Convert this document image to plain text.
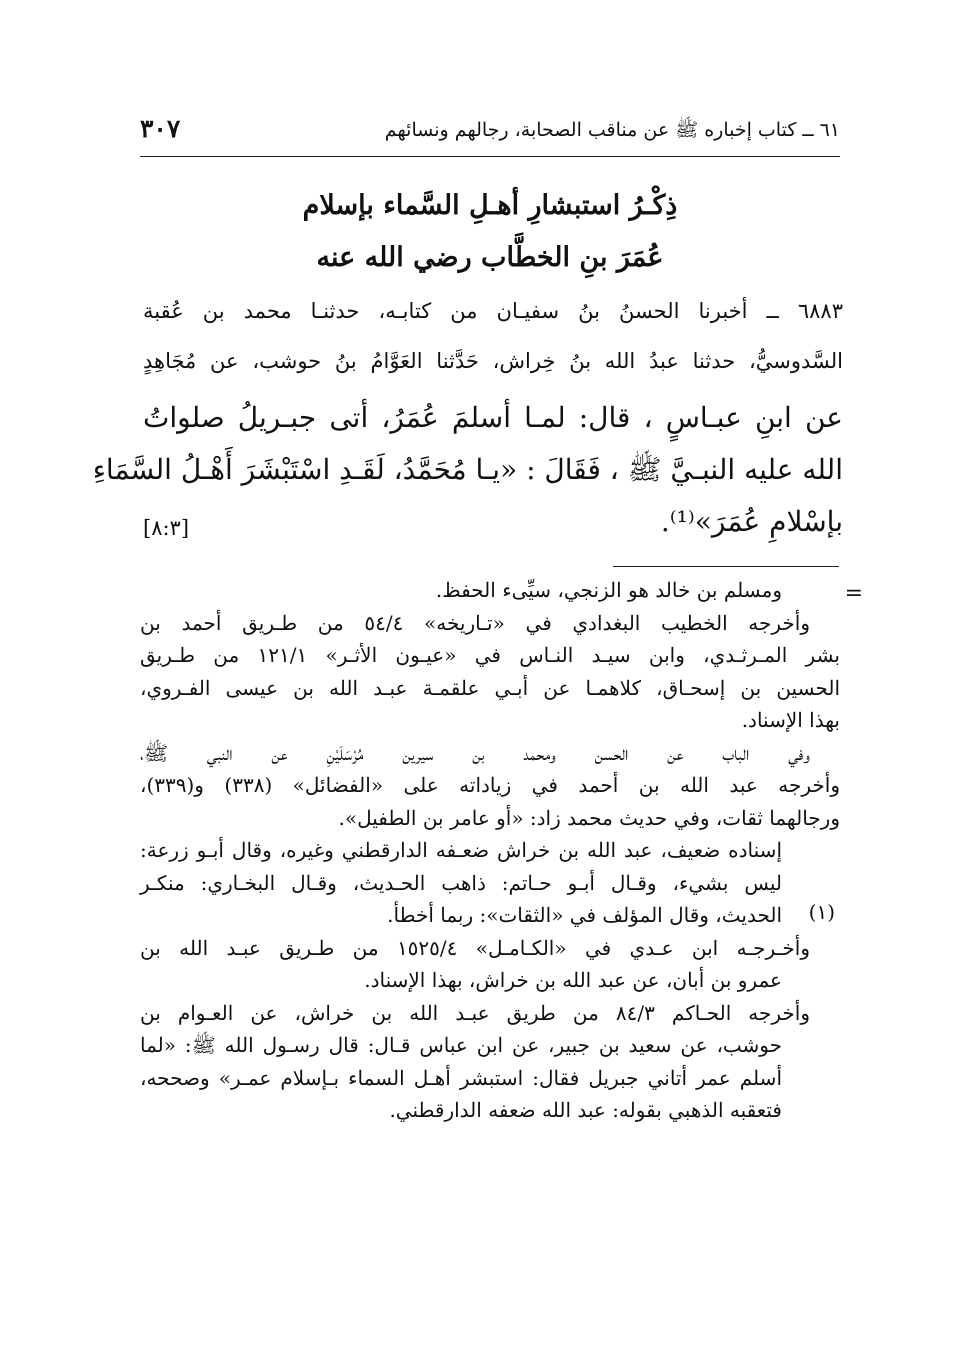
٦١ ــ كتاب إخباره ﷺ عن مناقب الصحابة، رجالهم ونسائهم
٣٠٧
ذِكْـرُ استبشارِ أهـلِ السَّماء بإسلام
عُمَرَ بنِ الخطَّاب رضي الله عنه
٦٨٨٣ ــ أخبرنا الحسنُ بنُ سفيـان من كتابـه، حدثنـا محمد بن عُقبة
السَّدوسيُّ، حدثنا عبدُ الله بنُ خِراش، حَدَّثنا العَوَّامُ بنُ حوشب، عن مُجَاهِدٍ
عن ابنِ عبـاسٍ ، قال: لمـا أسلمَ عُمَرُ، أتى جبـريلُ صلواتُ
الله عليه النبـيَّ ﷺ ، فَقَالَ : «يـا مُحَمَّدُ، لَقَـدِ اسْتَبْشَرَ أَهْـلُ السَّمَاءِ
بإسْلامِ عُمَرَ»⁽¹⁾.
[٨:٣]
=
(١)
ومسلم بن خالد هو الزنجي، سيِّىء الحفظ.
وأخرجه الخطيب البغدادي في «تـاريخه» ٥٤/٤ من طـريق أحمد بن
بشر المـرثـدي، وابن سيـد النـاس في «عيـون الأثـر» ١٢١/١ من طـريق
الحسين بن إسحـاق، كلاهمـا عن أبـي علقمـة عبـد الله بن عيسى الفـروي،
بهذا الإسناد.
وفي الباب عن الحسن ومحمد بن سيرين مُرْسَلَيْنِ عن النبي ﷺ،
وأخرجه عبد الله بن أحمد في زياداته على «الفضائل» (٣٣٨) و(٣٣٩)،
ورجالهما ثقات، وفي حديث محمد زاد: «أو عامر بن الطفيل».
إسناده ضعيف، عبد الله بن خراش ضعـفه الدارقطني وغيره، وقال أبـو زرعة:
ليس بشيء، وقـال أبـو حـاتم: ذاهب الحـديث، وقـال البخـاري: منكـر
الحديث، وقال المؤلف في «الثقات»: ربما أخطأ.
وأخـرجـه ابن عـدي في «الكـامـل» ١٥٢٥/٤ من طـريق عبـد الله بن
عمرو بن أبان، عن عبد الله بن خراش، بهذا الإسناد.
وأخرجه الحـاكم ٨٤/٣ من طريق عبـد الله بن خراش، عن العـوام بن
حوشب، عن سعيد بن جبير، عن ابن عباس قـال: قال رسـول الله ﷺ: «لما
أسلم عمر أتاني جبريل فقال: استبشر أهـل السماء بـإسلام عمـر» وصححه،
فتعقبه الذهبي بقوله: عبد الله ضعفه الدارقطني.
